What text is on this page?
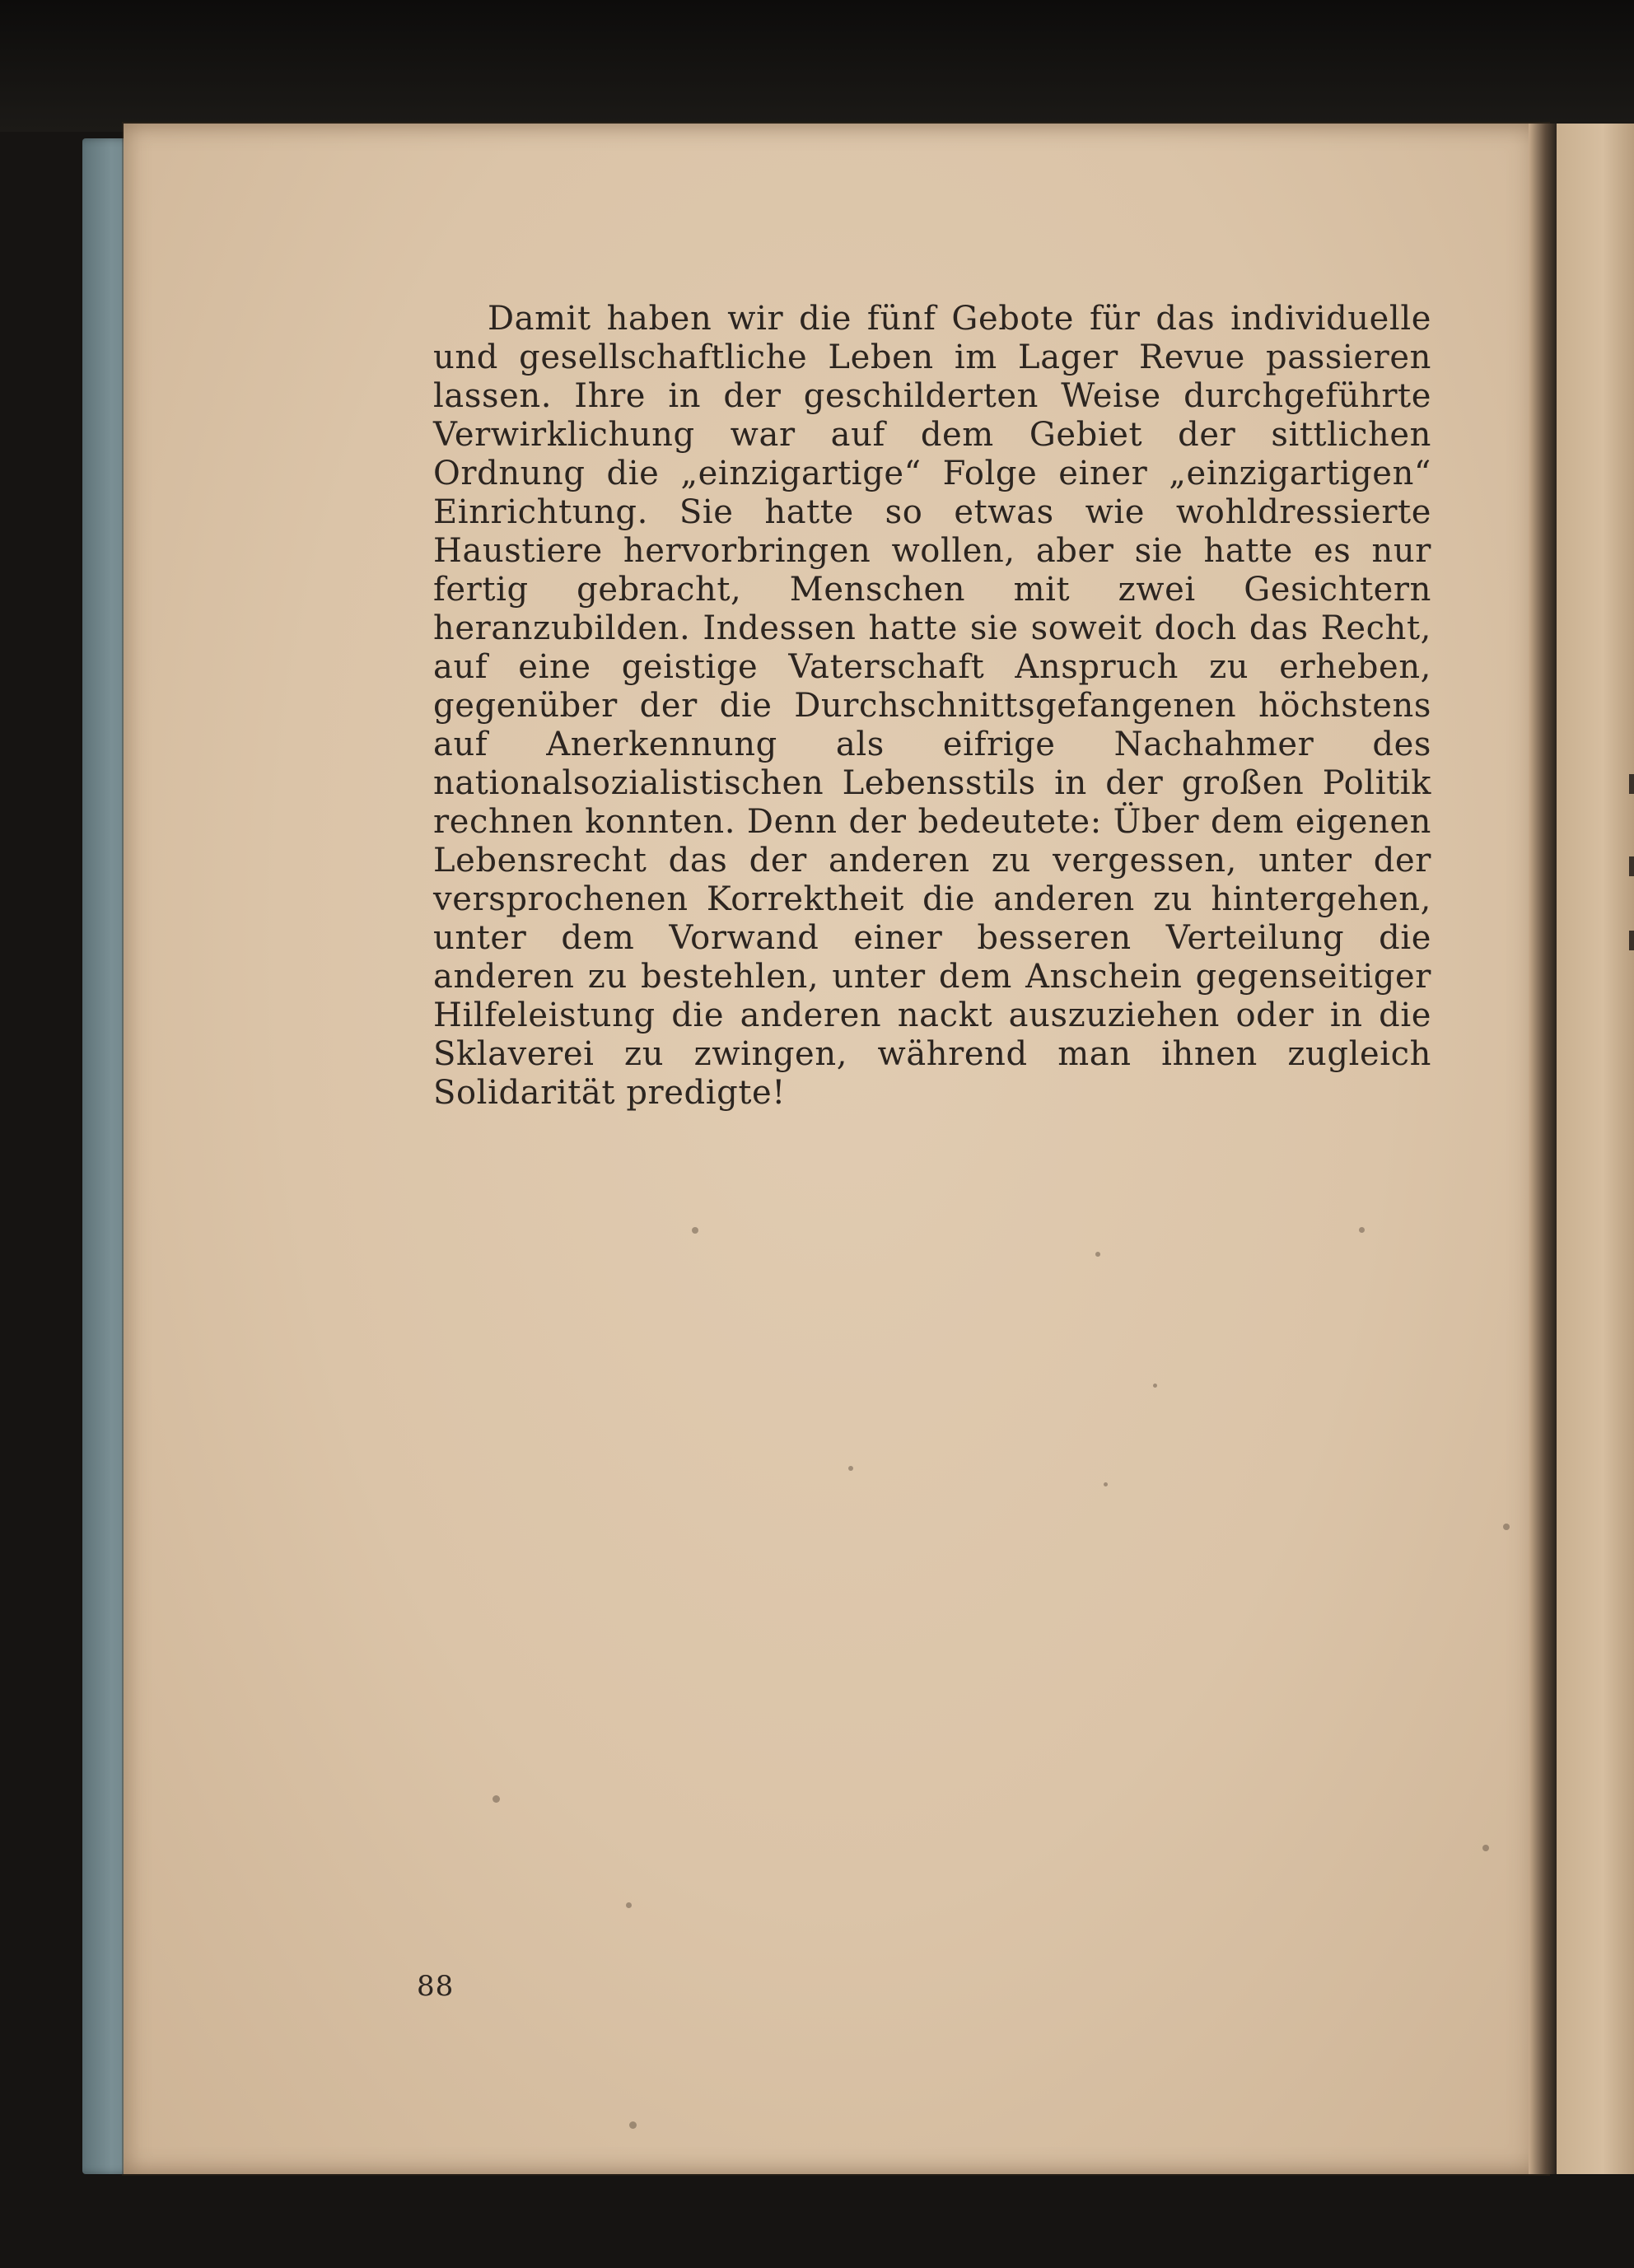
Damit haben wir die fünf Gebote für das individuelle und gesellschaftliche Leben im Lager Revue passieren lassen. Ihre in der geschilderten Weise durchgeführte Verwirklichung war auf dem Gebiet der sittlichen Ordnung die „einzigartige“ Folge einer „einzigartigen“ Einrichtung. Sie hatte so etwas wie wohldressierte Haustiere hervorbringen wollen, aber sie hatte es nur fertig gebracht, Menschen mit zwei Gesichtern heranzubilden. Indessen hatte sie soweit doch das Recht, auf eine geistige Vaterschaft Anspruch zu erheben, gegenüber der die Durchschnittsgefangenen höchstens auf Anerkennung als eifrige Nachahmer des nationalsozialistischen Lebensstils in der großen Politik rechnen konnten. Denn der bedeutete: Über dem eigenen Lebensrecht das der anderen zu vergessen, unter der versprochenen Korrektheit die anderen zu hintergehen, unter dem Vorwand einer besseren Verteilung die anderen zu bestehlen, unter dem Anschein gegenseitiger Hilfeleistung die anderen nackt auszuziehen oder in die Sklaverei zu zwingen, während man ihnen zugleich Solidarität predigte!

88
